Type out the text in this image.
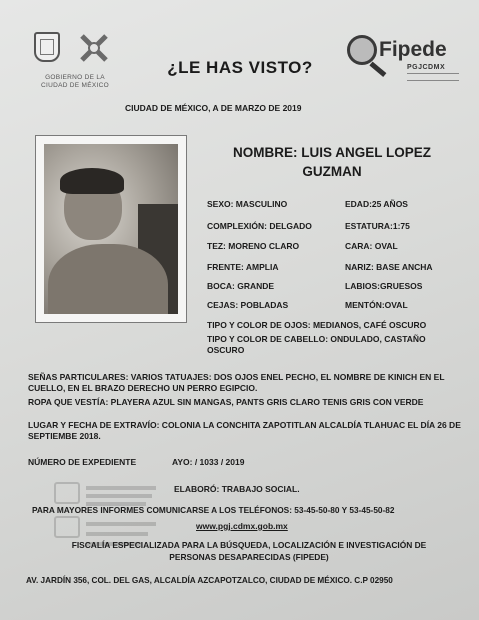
GOBIERNO DE LA
CIUDAD DE MÉXICO
¿LE HAS VISTO?
Fipede
PGJCDMX
CIUDAD DE MÉXICO, A DE MARZO DE 2019
NOMBRE: LUIS ANGEL LOPEZ
GUZMAN
SEXO: MASCULINO	EDAD:25 AÑOS
COMPLEXIÓN: DELGADO	ESTATURA:1:75
TEZ: MORENO CLARO	CARA: OVAL
FRENTE: AMPLIA	NARIZ: BASE ANCHA
BOCA: GRANDE	LABIOS:GRUESOS
CEJAS: POBLADAS	MENTÓN:OVAL
TIPO Y COLOR DE OJOS: MEDIANOS, CAFÉ OSCURO
TIPO Y COLOR DE CABELLO: ONDULADO, CASTAÑO OSCURO
SEÑAS PARTICULARES: VARIOS TATUAJES: DOS OJOS ENEL PECHO, EL NOMBRE DE KINICH EN EL CUELLO, EN EL BRAZO DERECHO UN PERRO EGIPCIO.
ROPA QUE VESTÍA: PLAYERA AZUL SIN MANGAS, PANTS GRIS CLARO TENIS GRIS CON VERDE
LUGAR Y FECHA DE EXTRAVÍO: COLONIA LA CONCHITA ZAPOTITLAN ALCALDÍA TLAHUAC EL DÍA 26 DE SEPTIEMBE 2018.
NÚMERO DE EXPEDIENTE	AYO: / 1033 / 2019
ELABORÓ: TRABAJO SOCIAL.
PARA MAYORES INFORMES COMUNICARSE A LOS TELÉFONOS: 53-45-50-80 Y 53-45-50-82
www.pgj.cdmx.gob.mx
FISCALÍA ESPECIALIZADA PARA LA BÚSQUEDA, LOCALIZACIÓN E INVESTIGACIÓN DE
PERSONAS DESAPARECIDAS (FIPEDE)
AV. JARDÍN 356, COL. DEL GAS, ALCALDÍA AZCAPOTZALCO, CIUDAD DE MÉXICO. C.P 02950
